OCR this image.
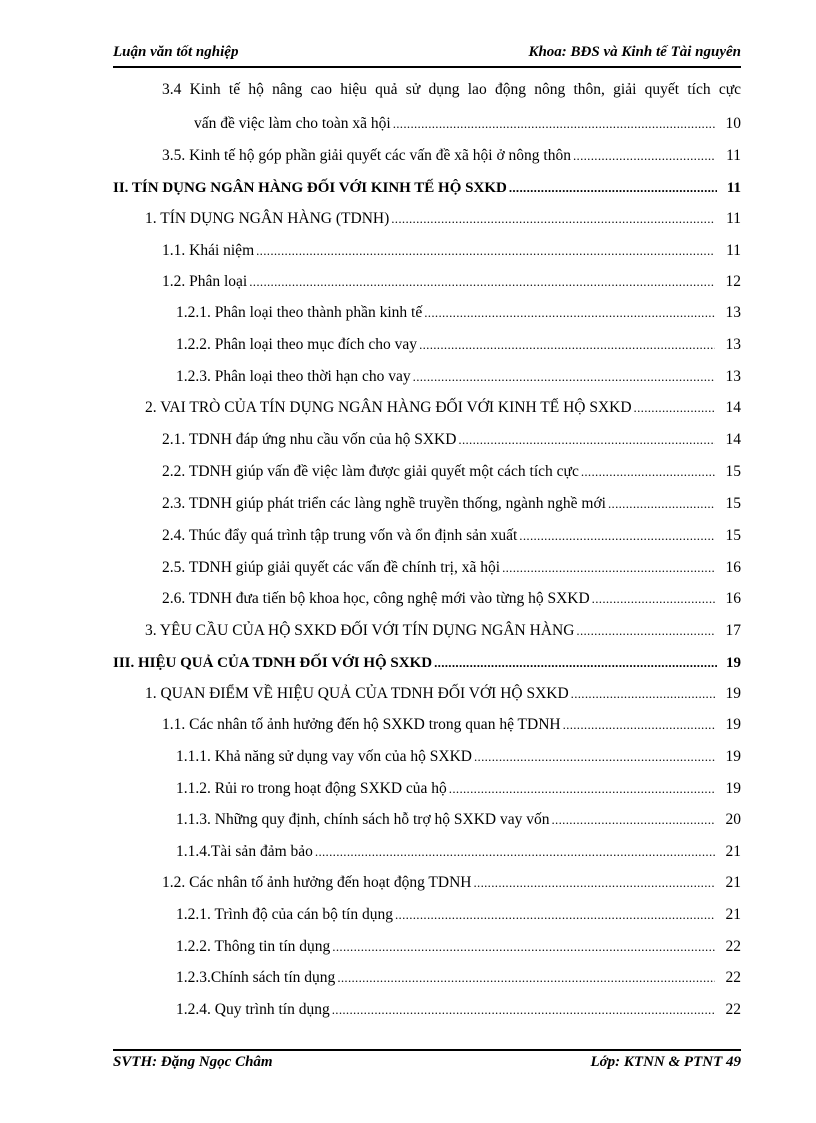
Luận văn tốt nghiệp	Khoa: BĐS và Kinh tế Tài nguyên
3.4 Kinh tế hộ nâng cao hiệu quả sử dụng lao động nông thôn, giải quyết tích cực
vấn đề việc làm cho toàn xã hội .....	10
3.5. Kinh tế hộ góp phần giải quyết các vấn đề xã hội ở nông thôn .....	11
II. TÍN DỤNG NGÂN HÀNG ĐỐI VỚI KINH TẾ HỘ SXKD .....	11
1. TÍN DỤNG NGÂN HÀNG (TDNH) .....	11
1.1. Khái niệm .....	11
1.2. Phân loại .....	12
1.2.1. Phân loại theo thành phần kinh tế .....	13
1.2.2. Phân loại theo mục đích cho vay .....	13
1.2.3. Phân loại theo thời hạn cho vay .....	13
2. VAI TRÒ CỦA TÍN DỤNG NGÂN HÀNG ĐỐI VỚI KINH TẾ HỘ SXKD .....	14
2.1. TDNH đáp ứng nhu cầu vốn của hộ SXKD .....	14
2.2. TDNH giúp vấn đề việc làm được giải quyết một cách tích cực .....	15
2.3. TDNH giúp phát triển các làng nghề truyền thống, ngành nghề mới .....	15
2.4. Thúc đẩy quá trình tập trung vốn và ổn định sản xuất .....	15
2.5. TDNH giúp giải quyết các vấn đề chính trị, xã hội .....	16
2.6. TDNH đưa tiến bộ khoa học, công nghệ mới vào từng hộ SXKD .....	16
3. YÊU CẦU CỦA HỘ SXKD ĐỐI VỚI TÍN DỤNG NGÂN HÀNG .....	17
III. HIỆU QUẢ CỦA TDNH ĐỐI VỚI HỘ SXKD .....	19
1. QUAN ĐIỂM VỀ HIỆU QUẢ CỦA TDNH ĐỐI VỚI HỘ SXKD .....	19
1.1. Các nhân tố ảnh hưởng đến hộ SXKD trong quan hệ TDNH .....	19
1.1.1. Khả năng sử dụng vay vốn của hộ SXKD .....	19
1.1.2. Rủi ro trong hoạt động SXKD của hộ .....	19
1.1.3. Những quy định, chính sách hỗ trợ hộ SXKD vay vốn .....	20
1.1.4.Tài sản đảm bảo .....	21
1.2. Các nhân tố ảnh hưởng đến hoạt động TDNH .....	21
1.2.1. Trình độ của cán bộ tín dụng .....	21
1.2.2. Thông tin tín dụng .....	22
1.2.3.Chính sách tín dụng .....	22
1.2.4. Quy trình tín dụng .....	22
SVTH: Đặng Ngọc Châm	Lớp: KTNN & PTNT 49
